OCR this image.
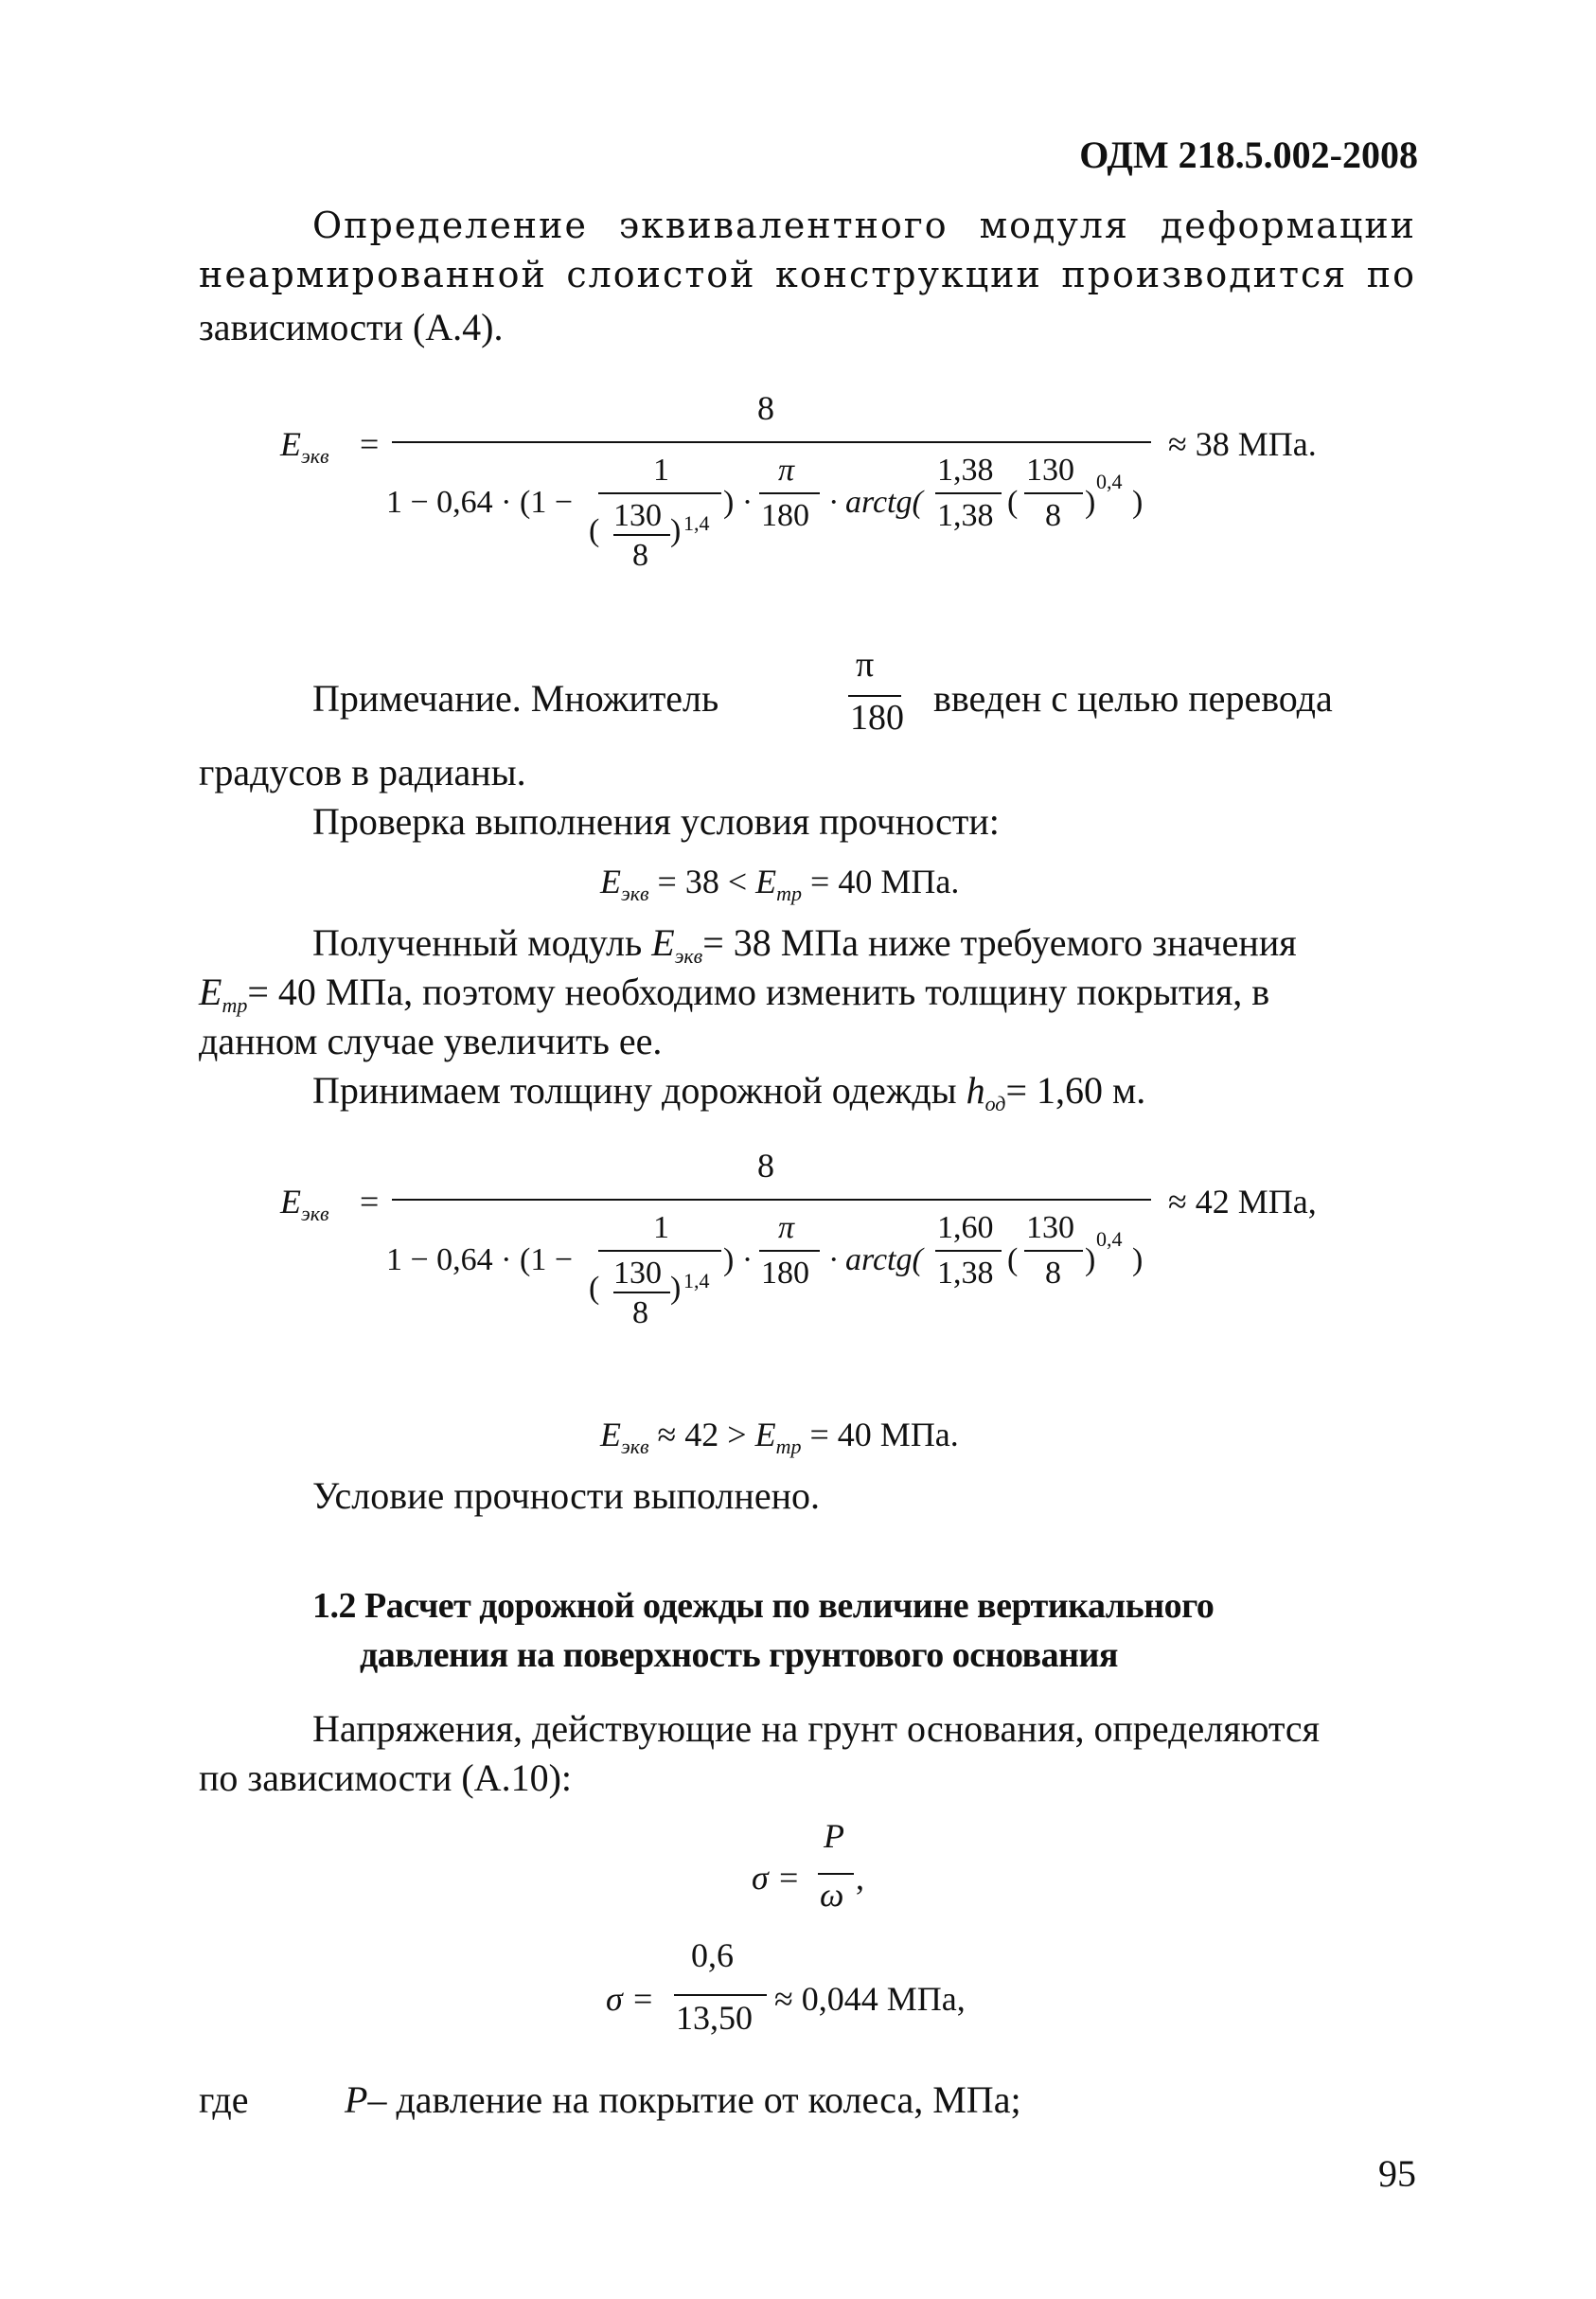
ОДМ 218.5.002-2008
Определение эквивалентного модуля деформации
неармированной слоистой конструкции производится по
зависимости (А.4).
$E_{экв}$ =
8
≈ 38 МПа.
1 − 0,64 · (1 −
1
( 130
8
) 1,4
) ·
π
180 · arctg(
1,38
1,38 (
130
8 )
0,4
)
Примечание. Множитель
π
180 введен с целью перевода
градусов в радианы.
Проверка выполнения условия прочности:
$E_{экв} = 38 < E_{тр} = 40$ МПа.
Полученный модуль $E_{экв}= 38$ МПа ниже требуемого значения
$E_{тр}= 40$ МПа, поэтому необходимо изменить толщину покрытия, в
данном случае увеличить ее.
Принимаем толщину дорожной одежды $h_{од}= 1,60$ м.
$E_{экв}$ =
8
≈ 42 МПа,
1 − 0,64 · (1 −
1
( 130
8
) 1,4
) ·
π
180 · arctg(
1,60
1,38 (
130
8 )
0,4
)
$E_{экв} \approx 42 > E_{тр} = 40$ МПа.
Условие прочности выполнено.
1.2 Расчет дорожной одежды по величине вертикального
давления на поверхность грунтового основания
Напряжения, действующие на грунт основания, определяются
по зависимости (А.10):
σ =
P
ω ,
σ =
0,6
13,50 ≈ 0,044 МПа,
где	P– давление на покрытие от колеса, МПа;
95
